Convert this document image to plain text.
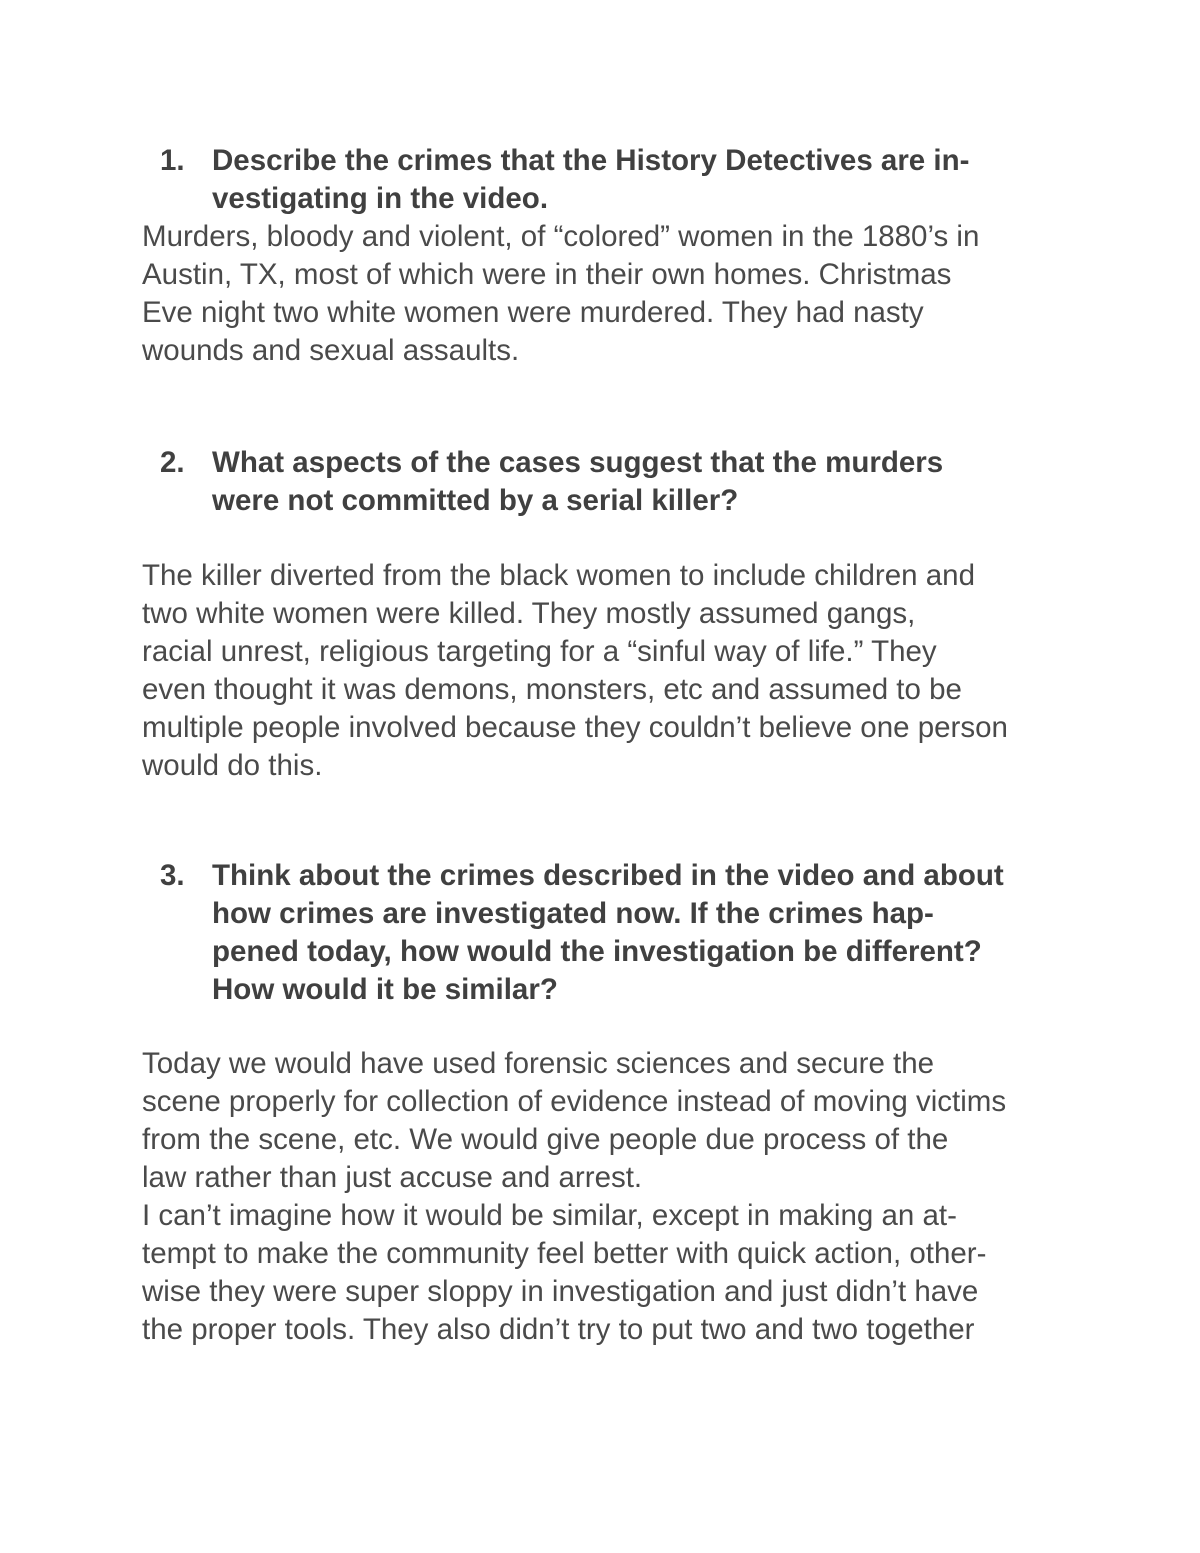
1. Describe the crimes that the History Detectives are in-
vestigating in the video.
Murders, bloody and violent, of “colored” women in the 1880’s in
Austin, TX, most of which were in their own homes. Christmas
Eve night two white women were murdered. They had nasty
wounds and sexual assaults.
2. What aspects of the cases suggest that the murders
were not committed by a serial killer?
The killer diverted from the black women to include children and
two white women were killed. They mostly assumed gangs,
racial unrest, religious targeting for a “sinful way of life.” They
even thought it was demons, monsters, etc and assumed to be
multiple people involved because they couldn’t believe one person
would do this.
3. Think about the crimes described in the video and about
how crimes are investigated now. If the crimes hap-
pened today, how would the investigation be different?
How would it be similar?
Today we would have used forensic sciences and secure the
scene properly for collection of evidence instead of moving victims
from the scene, etc. We would give people due process of the
law rather than just accuse and arrest.
I can’t imagine how it would be similar, except in making an at-
tempt to make the community feel better with quick action, other-
wise they were super sloppy in investigation and just didn’t have
the proper tools. They also didn’t try to put two and two together
